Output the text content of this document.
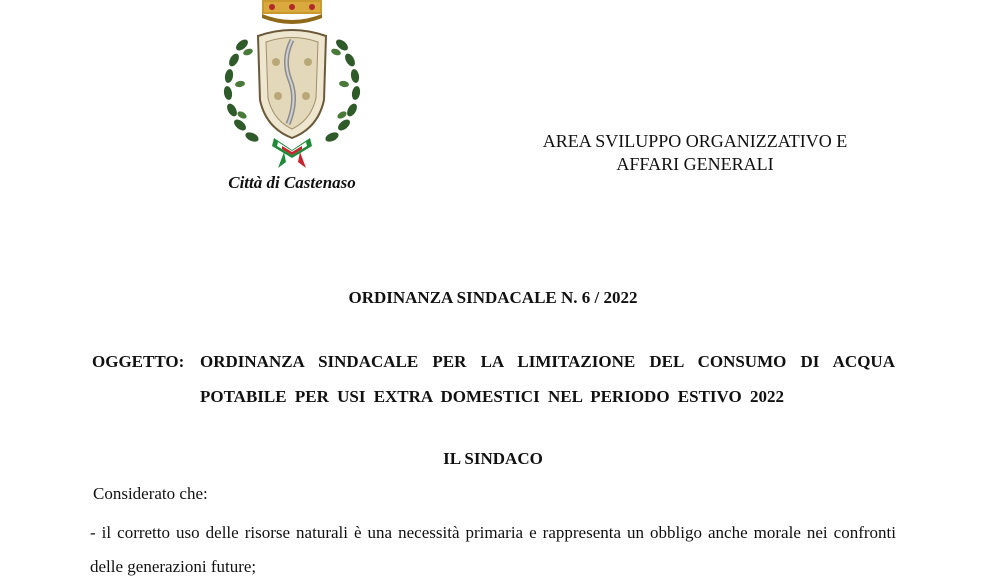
Città di Castenaso
AREA SVILUPPO ORGANIZZATIVO E
AFFARI GENERALI
ORDINANZA SINDACALE N. 6 / 2022
OGGETTO: ORDINANZA SINDACALE PER LA LIMITAZIONE DEL CONSUMO DI ACQUA POTABILE PER USI EXTRA DOMESTICI NEL PERIODO ESTIVO 2022
IL SINDACO
Considerato che:
- il corretto uso delle risorse naturali è una necessità primaria e rappresenta un obbligo anche morale nei confronti delle generazioni future;
